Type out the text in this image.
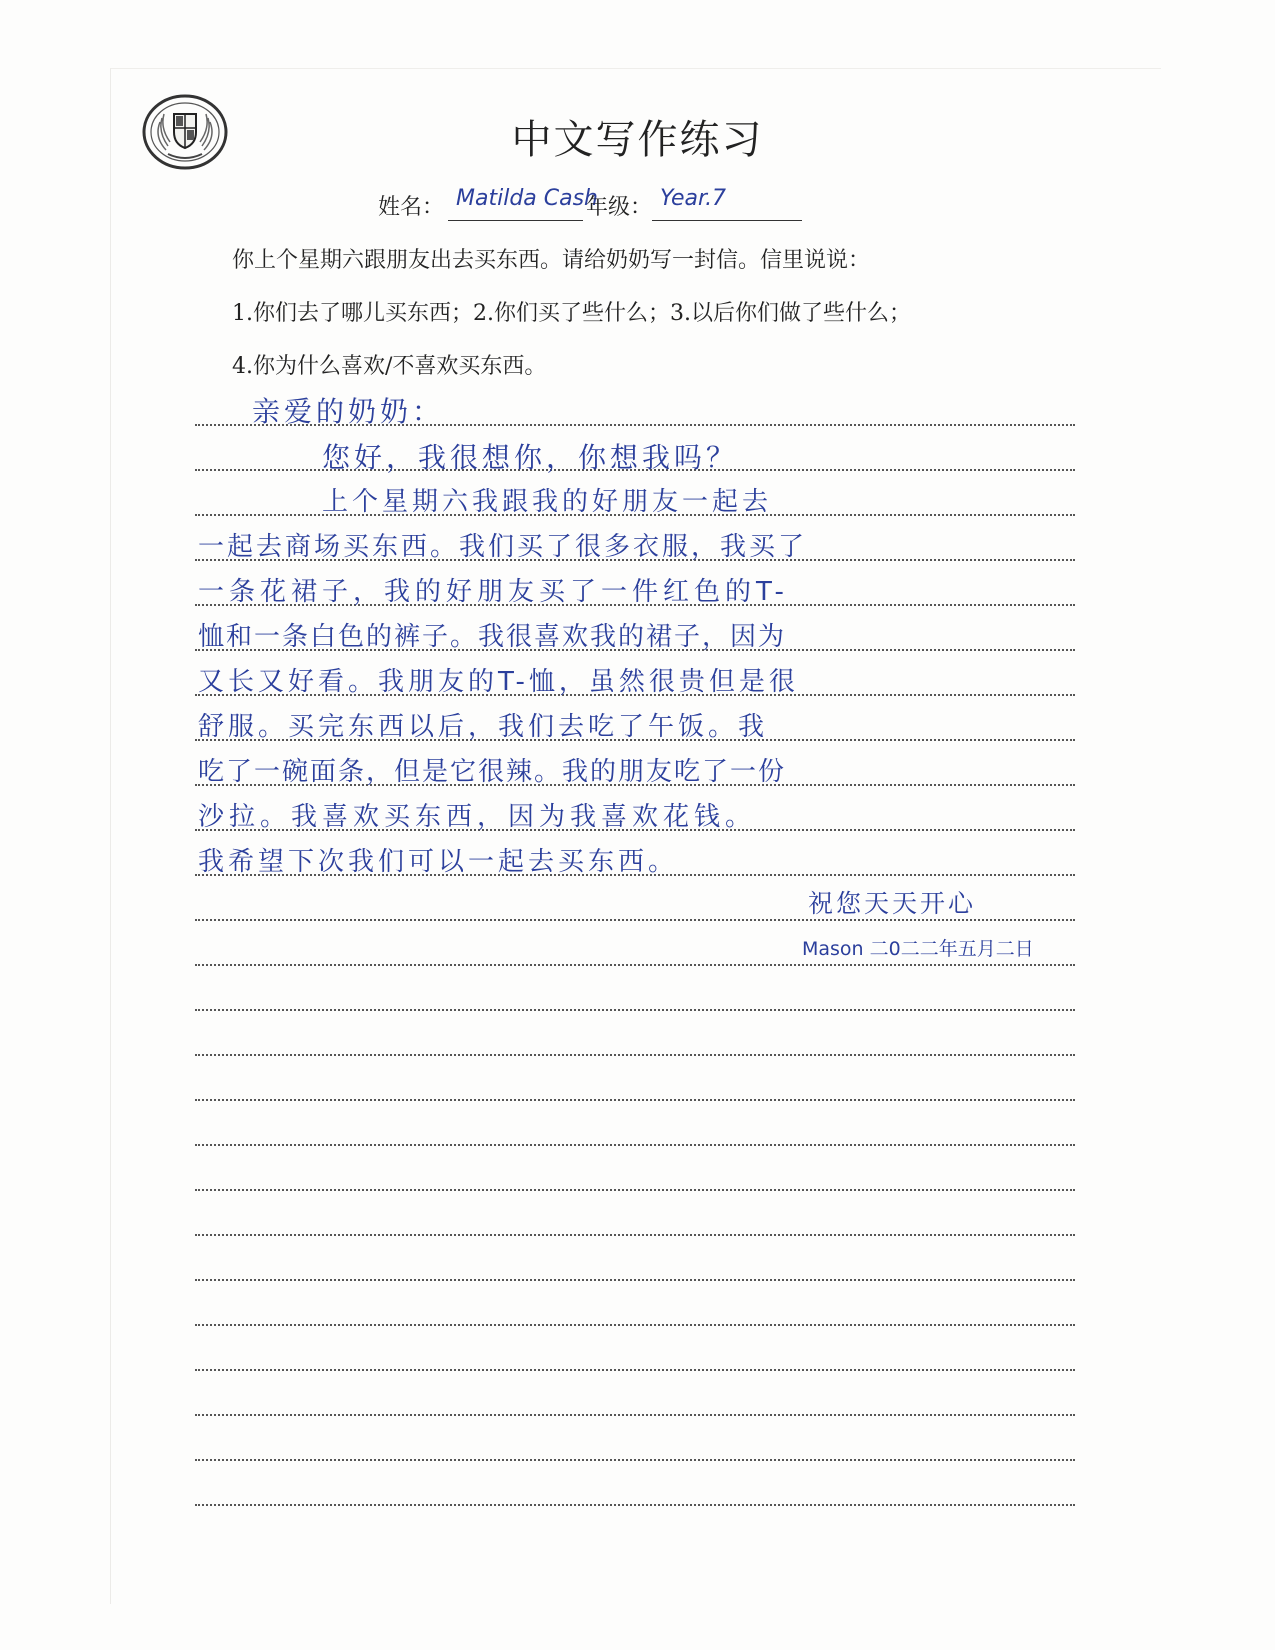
中文写作练习
姓名： Matilda Cash
年级： Year.7
你上个星期六跟朋友出去买东西。请给奶奶写一封信。信里说说：
1.你们去了哪儿买东西；2.你们买了些什么；3.以后你们做了些什么；
4.你为什么喜欢/不喜欢买东西。
亲爱的奶奶：
您好，我很想你，你想我吗？
上个星期六我跟我的好朋友一起去
一起去商场买东西。我们买了很多衣服，我买了
一条花裙子，我的好朋友买了一件红色的T-
恤和一条白色的裤子。我很喜欢我的裙子，因为
又长又好看。我朋友的T-恤，虽然很贵但是很
舒服。买完东西以后，我们去吃了午饭。我
吃了一碗面条，但是它很辣。我的朋友吃了一份
沙拉。我喜欢买东西，因为我喜欢花钱。
我希望下次我们可以一起去买东西。
祝您天天开心
Mason 二0二二年五月二日
